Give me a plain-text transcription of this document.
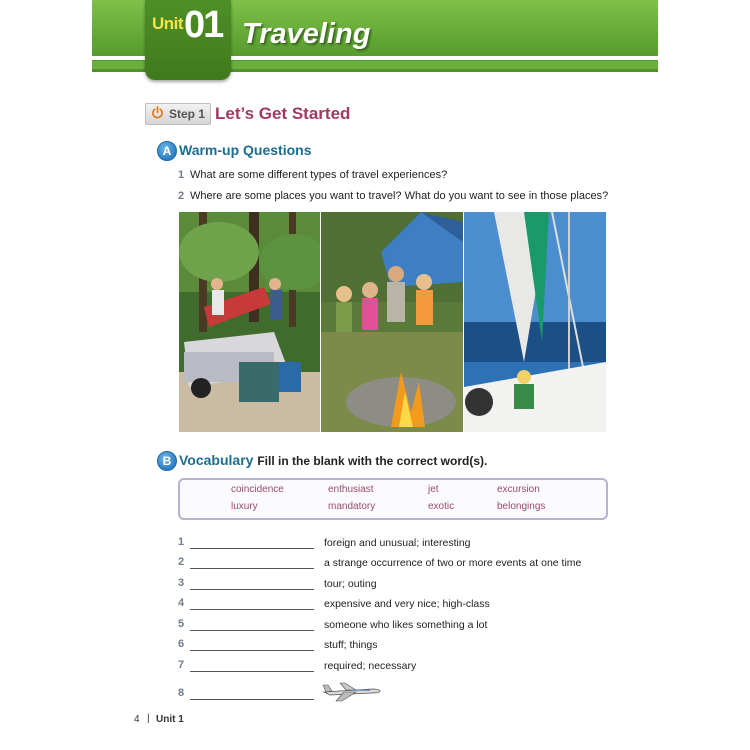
Unit 01 Traveling
Step 1 Let’s Get Started
A Warm-up Questions
1 What are some different types of travel experiences?
2 Where are some places you want to travel? What do you want to see in those places?
B Vocabulary Fill in the blank with the correct word(s).
coincidence	enthusiast	jet	excursion
luxury	mandatory	exotic	belongings
1	foreign and unusual; interesting
2	a strange occurrence of two or more events at one time
3	tour; outing
4	expensive and very nice; high-class
5	someone who likes something a lot
6	stuff; things
7	required; necessary
8
4 | Unit 1
